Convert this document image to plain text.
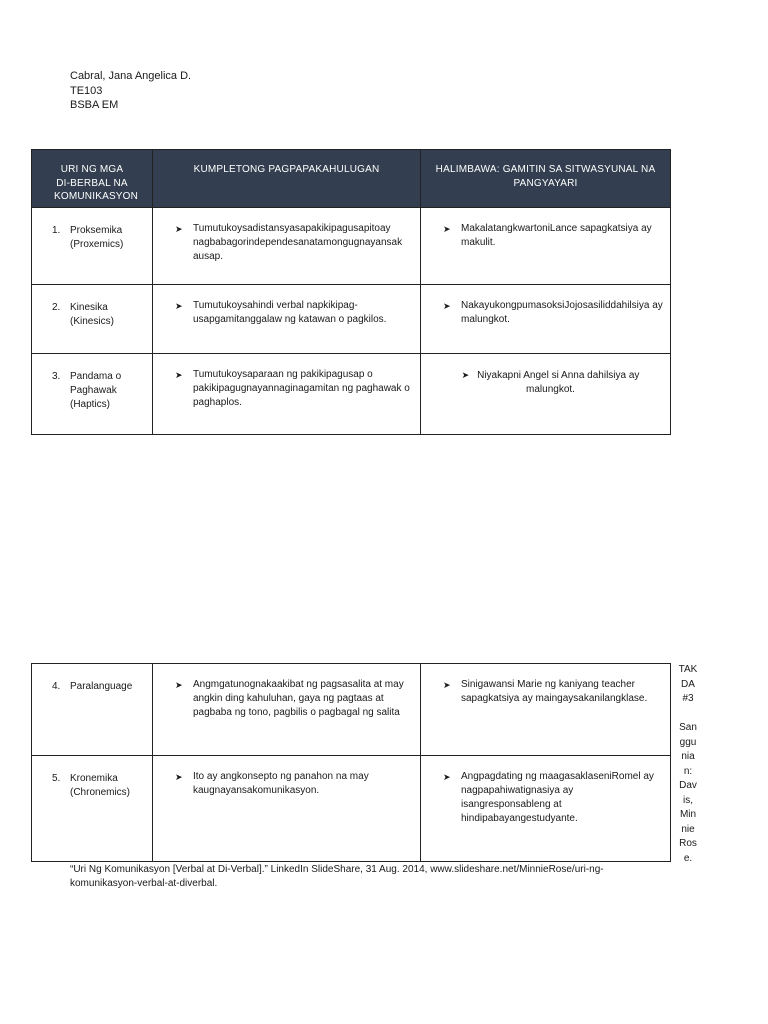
Cabral, Jana Angelica D.
TE103
BSBA EM
URI NG MGA DI-BERBAL NA KOMUNIKASYON	KUMPLETONG PAGPAPAKAHULUGAN	HALIMBAWA: GAMITIN SA SITWASYUNAL NA PANGYAYARI

1. Proksemika (Proxemics)	➤ Tumutukoysadistansyasapakikipagusapitoay nagbabagorindependesanatamongugnayansak ausap.	➤ MakalatangkwartoniLance sapagkatsiya ay makulit.

2. Kinesika (Kinesics)	➤ Tumutukoysahindi verbal napkikipag-usapgamitanggalaw ng katawan o pagkilos.	➤ NakayukongpumasoksiJojosasiliddahilsiya ay malungkot.

3. Pandama o Paghawak (Haptics)	➤ Tumutukoysaparaan ng pakikipagusap o pakikipagugnayannaginagamitan ng paghawak o paghaplos.	➤ Niyakapni Angel si Anna dahilsiya ay malungkot.
4. Paralanguage	➤ Angmgatunognakaakibat ng pagsasalita at may angkin ding kahuluhan, gaya ng pagtaas at pagbaba ng tono, pagbilis o pagbagal ng salita	➤ Sinigawansi Marie ng kaniyang teacher sapagkatsiya ay maingaysakanilangklase.

5. Kronemika (Chronemics)	➤ Ito ay angkonsepto ng panahon na may kaugnayansakomunikasyon.	➤ Angpagdating ng maagasaklaseniRomel ay nagpapahiwatignasiya ay isangresponsableng at hindipabayangestudyante.
TAK
DA
#3

San
ggu
nia
n:
Dav
is,
Min
nie
Ros
e.
“Uri Ng Komunikasyon [Verbal at Di-Verbal].” LinkedIn SlideShare, 31 Aug. 2014, www.slideshare.net/MinnieRose/uri-ng-komunikasyon-verbal-at-diverbal.
